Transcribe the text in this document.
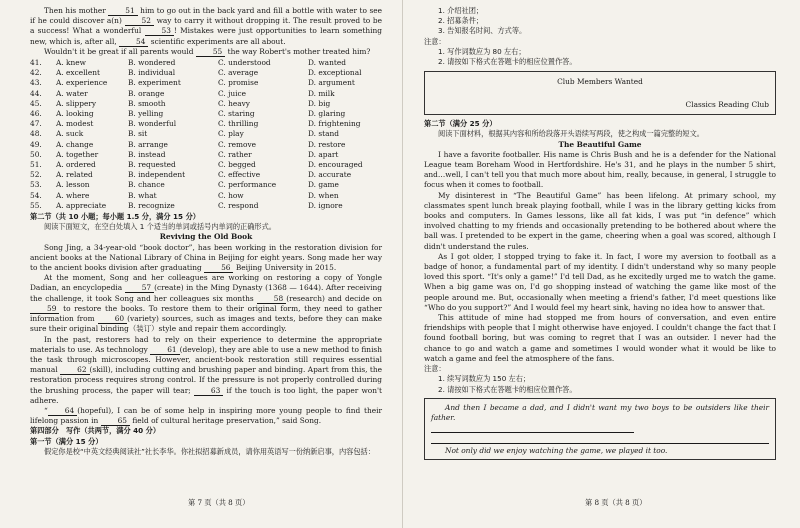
Then his mother 51 him to go out in the back yard and fill a bottle with water to see if he could discover a(n) 52 way to carry it without dropping it. The result proved to be a success! What a wonderful 53 ! Mistakes were just opportunities to learn something new, which is, after all, 54 scientific experiments are all about.

Wouldn't it be great if all parents would 55 the way Robert's mother treated him?

41.	A. knew	B. wondered	C. understood	D. wanted
42.	A. excellent	B. individual	C. average	D. exceptional
43.	A. experience	B. experiment	C. promise	D. argument
44.	A. water	B. orange	C. juice	D. milk
45.	A. slippery	B. smooth	C. heavy	D. big
46.	A. looking	B. yelling	C. staring	D. glaring
47.	A. modest	B. wonderful	C. thrilling	D. frightening
48.	A. suck	B. sit	C. play	D. stand
49.	A. change	B. arrange	C. remove	D. restore
50.	A. together	B. instead	C. rather	D. apart
51.	A. ordered	B. requested	C. begged	D. encouraged
52.	A. related	B. independent	C. effective	D. accurate
53.	A. lesson	B. chance	C. performance	D. game
54.	A. where	B. what	C. how	D. when
55.	A. appreciate	B. recognize	C. respond	D. ignore

第二节（共 10 小题；每小题 1.5 分，满分 15 分）

阅读下面短文，在空白处填入 1 个适当的单词或括号内单词的正确形式。

Reviving the Old Book

Song Jing, a 34-year-old “book doctor”, has been working in the restoration division for ancient books at the National Library of China in Beijing for eight years. Song made her way to the ancient books division after graduating 56 Beijing University in 2015.

At the moment, Song and her colleagues are working on restoring a copy of Yongle Dadian, an encyclopedia 57 (create) in the Ming Dynasty (1368 — 1644). After receiving the challenge, it took Song and her colleagues six months 58 (research) and decide on 59 to restore the books. To restore them to their original form, they need to gather information from 60 (variety) sources, such as images and texts, before they can make sure their original binding（装订）style and repair them accordingly.

In the past, restorers had to rely on their experience to determine the appropriate materials to use. As technology 61 (develop), they are able to use a new method to finish the task through microscopes. However, ancient-book restoration still requires essential manual 62 (skill), including cutting and brushing paper and binding. Apart from this, the restoration process requires strong control. If the pressure is not properly controlled during the brushing process, the paper will tear; 63 if the touch is too light, the paper won't adhere.

“ 64 (hopeful), I can be of some help in inspiring more young people to find their lifelong passion in 65 field of cultural heritage preservation,” said Song.

第四部分　写作（共两节，满分 40 分）

第一节（满分 15 分）

假定你是校“中英文经典阅读社”社长李华。你社拟招募新成员，请你用英语写一份纳新启事，内容包括：

1. 介绍社团；

2. 招募条件；

3. 告知报名时间、方式等。

注意：

1. 写作词数应为 80 左右；

2. 请按如下格式在答题卡的相应位置作答。

Club Members Wanted
Classics Reading Club

第二节（满分 25 分）

阅读下面材料，根据其内容和所给段落开头语续写两段，使之构成一篇完整的短文。

The Beautiful Game

I have a favorite footballer. His name is Chris Bush and he is a defender for the National League team Boreham Wood in Hertfordshire. He's 31, and he plays in the number 5 shirt, and…well, I can't tell you that much more about him, really, because, in general, I struggle to focus when it comes to football.

My disinterest in “The Beautiful Game” has been lifelong. At primary school, my classmates spent lunch break playing football, while I was in the library getting kicks from books and computers. In Games lessons, like all fat kids, I was put “in defence” which involved chatting to my friends and occasionally pretending to be bothered about where the ball was. I pretended to be expert in the game, cheering when a goal was scored, although I didn't understand the rules.

As I got older, I stopped trying to fake it. In fact, I wore my aversion to football as a badge of honor, a fundamental part of my identity. I didn't understand why so many people loved this sport. “It's only a game!” I'd tell Dad, as he excitedly urged me to watch the game. When a big game was on, I'd go shopping instead of watching the game like most of the people around me. But, occasionally when meeting a friend's father, I'd meet questions like “Who do you support?” And I would feel my heart sink, having no idea how to answer that.

This attitude of mine had stopped me from hours of conversation, and even entire friendships with people that I might otherwise have enjoyed. I couldn't change the fact that I found football boring, but was coming to regret that I was an outsider. I never had the chance to go and watch a game and sometimes I would wonder what it would be like to watch a game and feel the atmosphere of the fans.

注意：

1. 续写词数应为 150 左右；

2. 请按如下格式在答题卡的相应位置作答。

And then I became a dad, and I didn't want my two boys to be outsiders like their father.

Not only did we enjoy watching the game, we played it too.

第 7 页（共 8 页）	第 8 页（共 8 页）
